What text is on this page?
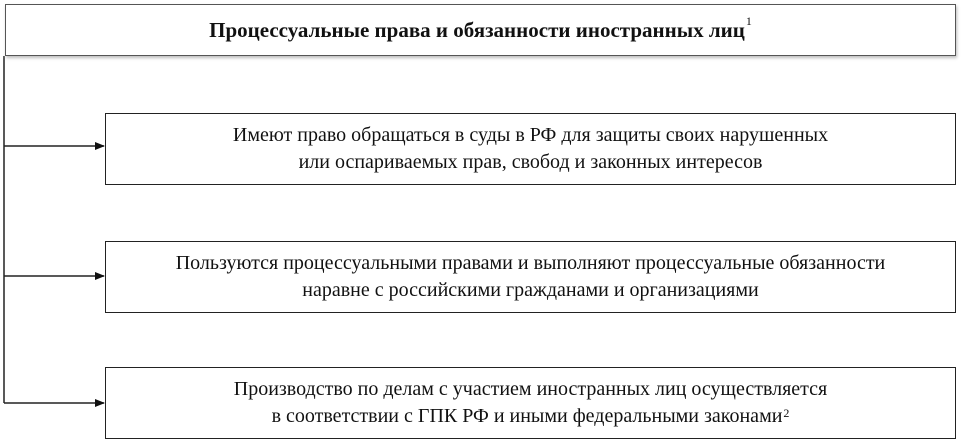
Процессуальные права и обязанности иностранных лиц$^1$
Имеют право обращаться в суды в РФ для защиты своих нарушенных
или оспариваемых прав, свобод и законных интересов
Пользуются процессуальными правами и выполняют процессуальные обязанности
наравне с российскими гражданами и организациями
Производство по делам с участием иностранных лиц осуществляется
в соответствии с ГПК РФ и иными федеральными законами$^2$
